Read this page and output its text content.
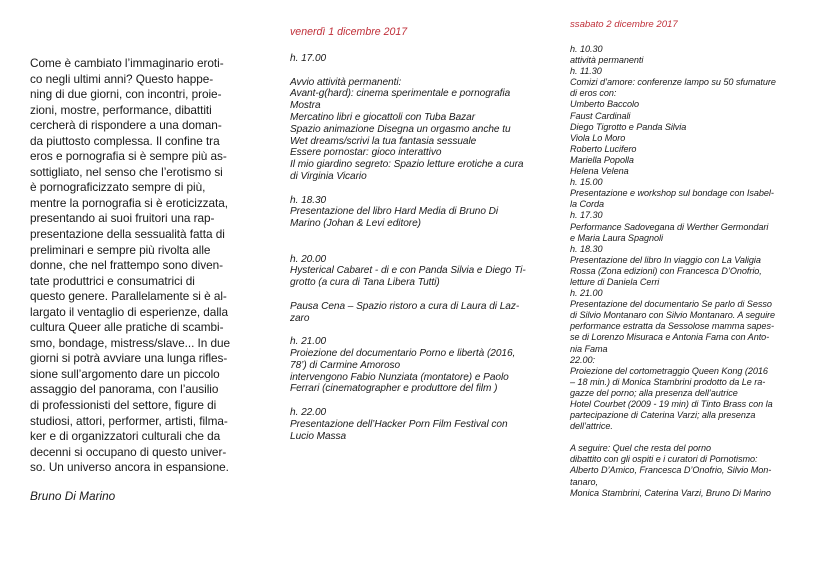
Come è cambiato l’immaginario eroti-
co negli ultimi anni? Questo happe-
ning di due giorni, con incontri, proie-
zioni, mostre, performance, dibattiti
cercherà di rispondere a una doman-
da piuttosto complessa. Il confine tra
eros e pornografia si è sempre più as-
sottigliato, nel senso che l’erotismo si
è pornograficizzato sempre di più,
mentre la pornografia si è eroticizzata,
presentando ai suoi fruitori una rap-
presentazione della sessualità fatta di
preliminari e sempre più rivolta alle
donne, che nel frattempo sono diven-
tate produttrici e consumatrici di
questo genere. Parallelamente si è al-
largato il ventaglio di esperienze, dalla
cultura Queer alle pratiche di scambi-
smo, bondage, mistress/slave... In due
giorni si potrà avviare una lunga rifles-
sione sull’argomento dare un piccolo
assaggio del panorama, con l’ausilio
di professionisti del settore, figure di
studiosi, attori, performer, artisti, filma-
ker e di organizzatori culturali che da
decenni si occupano di questo univer-
so. Un universo ancora in espansione.
Bruno Di Marino
venerdì 1 dicembre 2017
h. 17.00
Avvio attività permanenti:
Avant-g(hard): cinema sperimentale e pornografia
Mostra
Mercatino libri e giocattoli con Tuba Bazar
Spazio animazione Disegna un orgasmo anche tu
Wet dreams/scrivi la tua fantasia sessuale
Essere pornostar: gioco interattivo
Il mio giardino segreto: Spazio letture erotiche a cura
di Virginia Vicario
h. 18.30
Presentazione del libro Hard Media di Bruno Di
Marino (Johan & Levi editore)
h. 20.00
Hysterical Cabaret - di e con Panda Silvia e Diego Ti-
grotto (a cura di Tana Libera Tutti)
Pausa Cena – Spazio ristoro a cura di Laura di Laz-
zaro
h. 21.00
Proiezione del documentario Porno e libertà (2016,
78’) di Carmine Amoroso
intervengono Fabio Nunziata (montatore) e Paolo
Ferrari (cinematographer e produttore del film )
h. 22.00
Presentazione dell’Hacker Porn Film Festival con
Lucio Massa
ssabato 2 dicembre 2017
h. 10.30
attività permanenti
h. 11.30
Comizi d’amore: conferenze lampo su 50 sfumature
di eros con:
Umberto Baccolo
Faust Cardinali
Diego Tigrotto e Panda Silvia
Viola Lo Moro
Roberto Lucifero
Mariella Popolla
Helena Velena
h. 15.00
Presentazione e workshop sul bondage con Isabel-
la Corda
h. 17.30
Performance Sadovegana di Werther Germondari
e Maria Laura Spagnoli
h. 18.30
Presentazione del libro In viaggio con La Valigia
Rossa (Zona edizioni) con Francesca D’Onofrio,
letture di Daniela Cerri
h. 21.00
Presentazione del documentario Se parlo di Sesso
di Silvio Montanaro con Silvio Montanaro. A seguire
performance estratta da Sessolose mamma sapes-
se di Lorenzo Misuraca e Antonia Fama con Anto-
nia Fama
22.00:
Proiezione del cortometraggio Queen Kong (2016
– 18 min.) di Monica Stambrini prodotto da Le ra-
gazze del porno; alla presenza dell’autrice
Hotel Courbet (2009 - 19 min) di Tinto Brass con la
partecipazione di Caterina Varzi; alla presenza
dell’attrice.
A seguire: Quel che resta del porno
dibattito con gli ospiti e i curatori di Pornotismo:
Alberto D’Amico, Francesca D’Onofrio, Silvio Mon-
tanaro,
Monica Stambrini, Caterina Varzi, Bruno Di Marino
